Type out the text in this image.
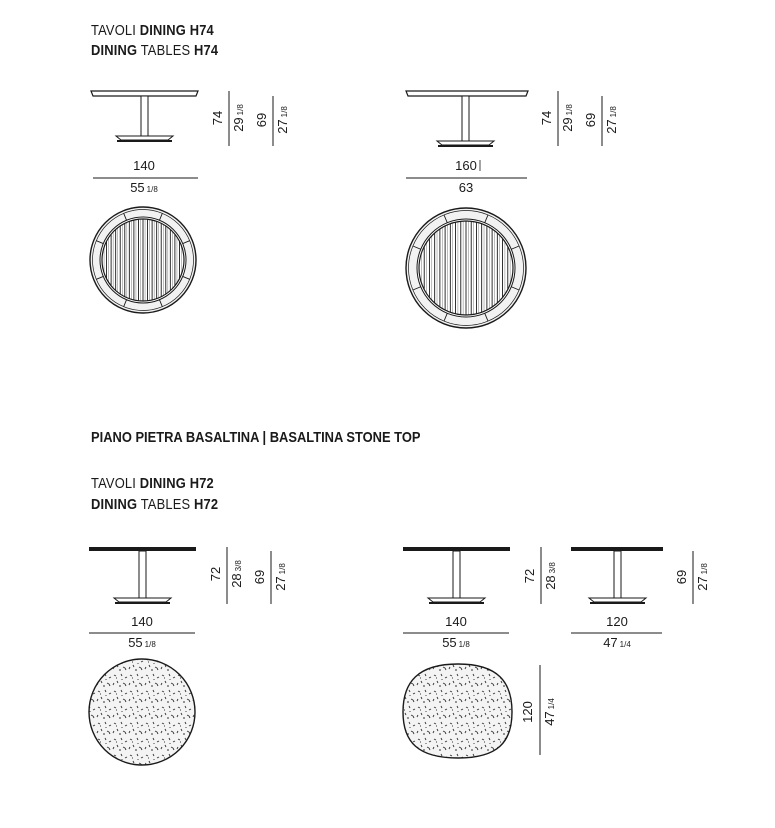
TAVOLI DINING H74
DINING TABLES H74
PIANO PIETRA BASALTINA | BASALTINA STONE TOP
TAVOLI DINING H72
DINING TABLES H72
140
55 1/8
74 291/8
69 271/8
160
63
74 291/8
69 271/8
140
55 1/8
72 283/8
69 271/8
140
55 1/8
72 283/8
120 471/4
120
47 1/4
69 271/8
